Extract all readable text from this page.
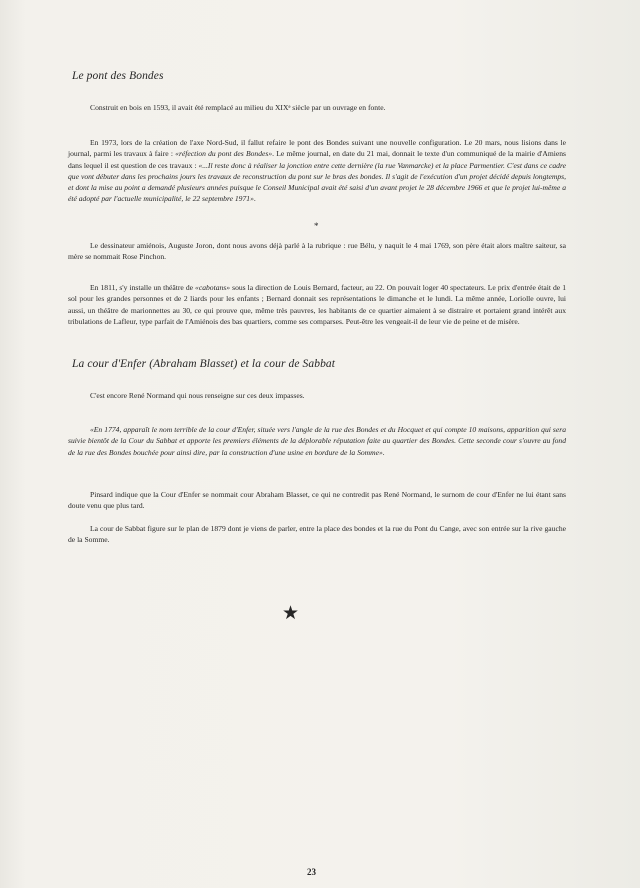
Le pont des Bondes

Construit en bois en 1593, il avait été remplacé au milieu du XIXᵉ siècle par un ouvrage en fonte.

En 1973, lors de la création de l'axe Nord-Sud, il fallut refaire le pont des Bondes suivant une nouvelle configuration. Le 20 mars, nous lisions dans le journal, parmi les travaux à faire : «réfection du pont des Bondes». Le même journal, en date du 21 mai, donnait le texte d'un communiqué de la mairie d'Amiens dans lequel il est question de ces travaux : «...Il reste donc à réaliser la jonction entre cette dernière (la rue Vanmarcke) et la place Parmentier. C'est dans ce cadre que vont débuter dans les prochains jours les travaux de reconstruction du pont sur le bras des bondes. Il s'agit de l'exécution d'un projet décidé depuis longtemps, et dont la mise au point a demandé plusieurs années puisque le Conseil Municipal avait été saisi d'un avant projet le 28 décembre 1966 et que le projet lui-même a été adopté par l'actuelle municipalité, le 22 septembre 1971».

*

Le dessinateur amiénois, Auguste Joron, dont nous avons déjà parlé à la rubrique : rue Bélu, y naquit le 4 mai 1769, son père était alors maître saiteur, sa mère se nommait Rose Pinchon.

En 1811, s'y installe un théâtre de «cabotans» sous la direction de Louis Bernard, facteur, au 22. On pouvait loger 40 spectateurs. Le prix d'entrée était de 1 sol pour les grandes personnes et de 2 liards pour les enfants ; Bernard donnait ses représentations le dimanche et le lundi. La même année, Loriolle ouvre, lui aussi, un théâtre de marionnettes au 30, ce qui prouve que, même très pauvres, les habitants de ce quartier aimaient à se distraire et portaient grand intérêt aux tribulations de Lafleur, type parfait de l'Amiénois des bas quartiers, comme ses comparses. Peut-être les vengeait-il de leur vie de peine et de misère.

La cour d'Enfer (Abraham Blasset) et la cour de Sabbat

C'est encore René Normand qui nous renseigne sur ces deux impasses.

«En 1774, apparaît le nom terrible de la cour d'Enfer, située vers l'angle de la rue des Bondes et du Hocquet et qui compte 10 maisons, apparition qui sera suivie bientôt de la Cour du Sabbat et apporte les premiers éléments de la déplorable réputation faite au quartier des Bondes. Cette seconde cour s'ouvre au fond de la rue des Bondes bouchée pour ainsi dire, par la construction d'une usine en bordure de la Somme».

Pinsard indique que la Cour d'Enfer se nommait cour Abraham Blasset, ce qui ne contredit pas René Normand, le surnom de cour d'Enfer ne lui étant sans doute venu que plus tard.

La cour de Sabbat figure sur le plan de 1879 dont je viens de parler, entre la place des bondes et la rue du Pont du Cange, avec son entrée sur la rive gauche de la Somme.

★
23
